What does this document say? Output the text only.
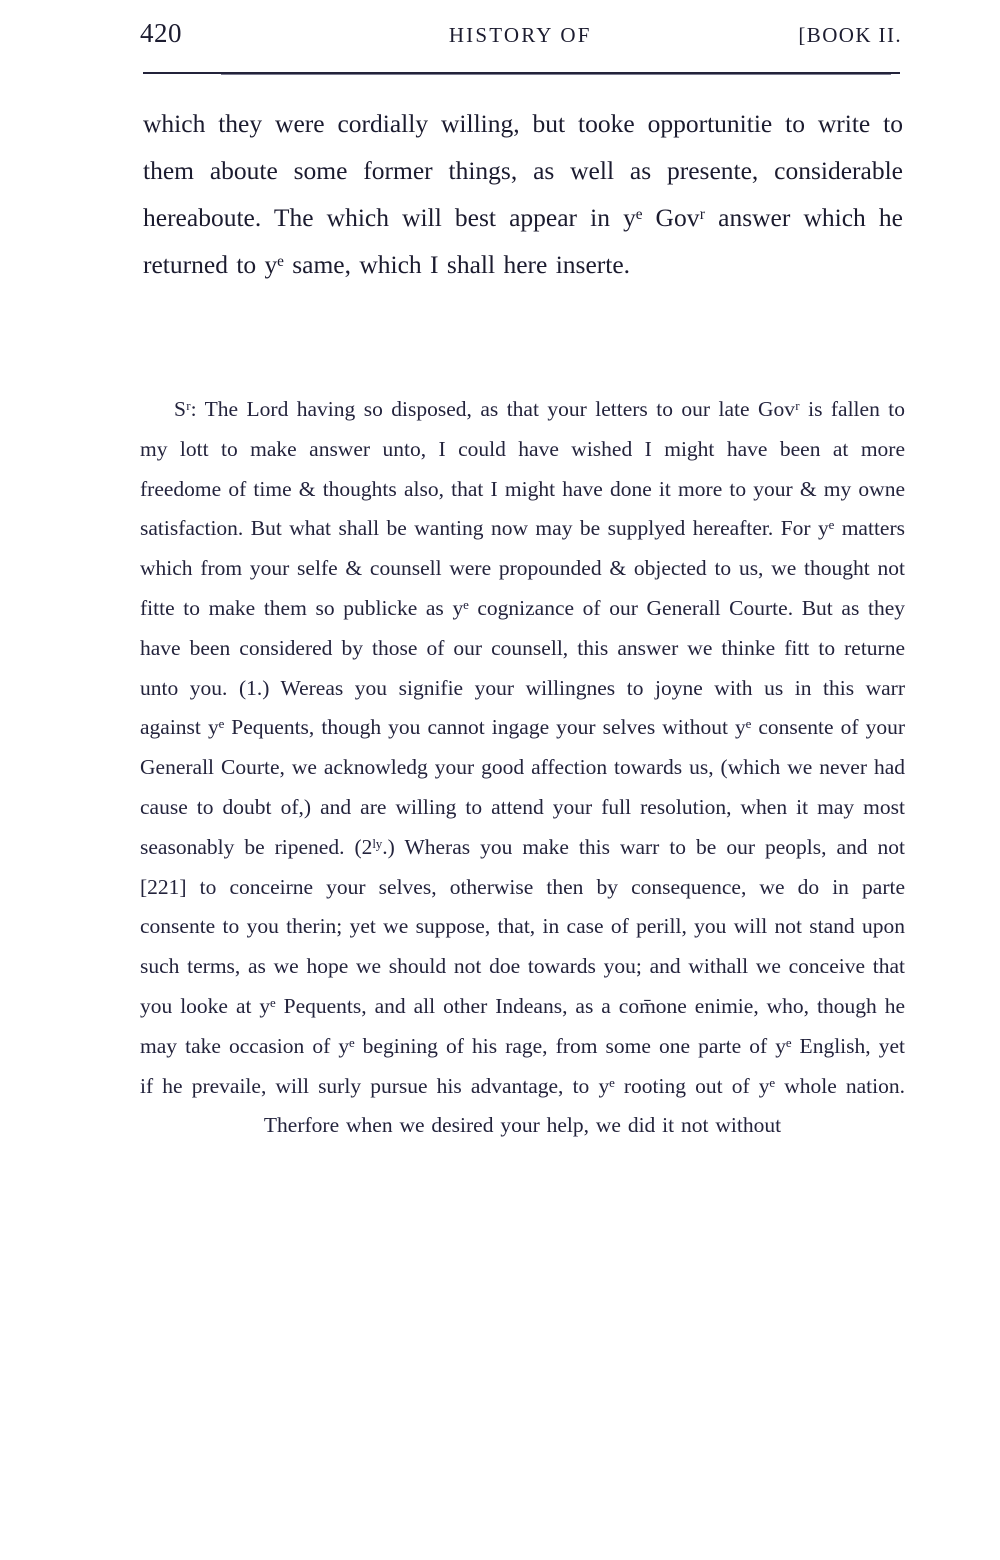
420	HISTORY OF	[BOOK II.

which they were cordially willing, but tooke opportunitie to write to them aboute some former things, as well as presente, considerable hereaboute. The which will best appear in yᵉ Govʳ answer which he returned to yᵉ same, which I shall here inserte.

Sʳ: The Lord having so disposed, as that your letters to our late Govʳ is fallen to my lott to make answer unto, I could have wished I might have been at more freedome of time & thoughts also, that I might have done it more to your & my owne satisfaction. But what shall be wanting now may be supplyed hereafter. For yᵉ matters which from your selfe & counsell were propounded & objected to us, we thought not fitte to make them so publicke as yᵉ cognizance of our Generall Courte. But as they have been considered by those of our counsell, this answer we thinke fitt to returne unto you. (1.) Wereas you signifie your willingnes to joyne with us in this warr against yᵉ Pequents, though you cannot ingage your selves without yᵉ consente of your Generall Courte, we acknowledg your good affection towards us, (which we never had cause to doubt of,) and are willing to attend your full resolution, when it may most seasonably be ripened. (2ˡʸ.) Wheras you make this warr to be our peopls, and not [221] to conceirne your selves, otherwise then by consequence, we do in parte consente to you therin; yet we suppose, that, in case of perill, you will not stand upon such terms, as we hope we should not doe towards you; and withall we conceive that you looke at yᵉ Pequents, and all other Indeans, as a com̄one enimie, who, though he may take occasion of yᵉ begining of his rage, from some one parte of yᵉ English, yet if he prevaile, will surly pursue his advantage, to yᵉ rooting out of yᵉ whole nation. Therfore when we desired your help, we did it not without
